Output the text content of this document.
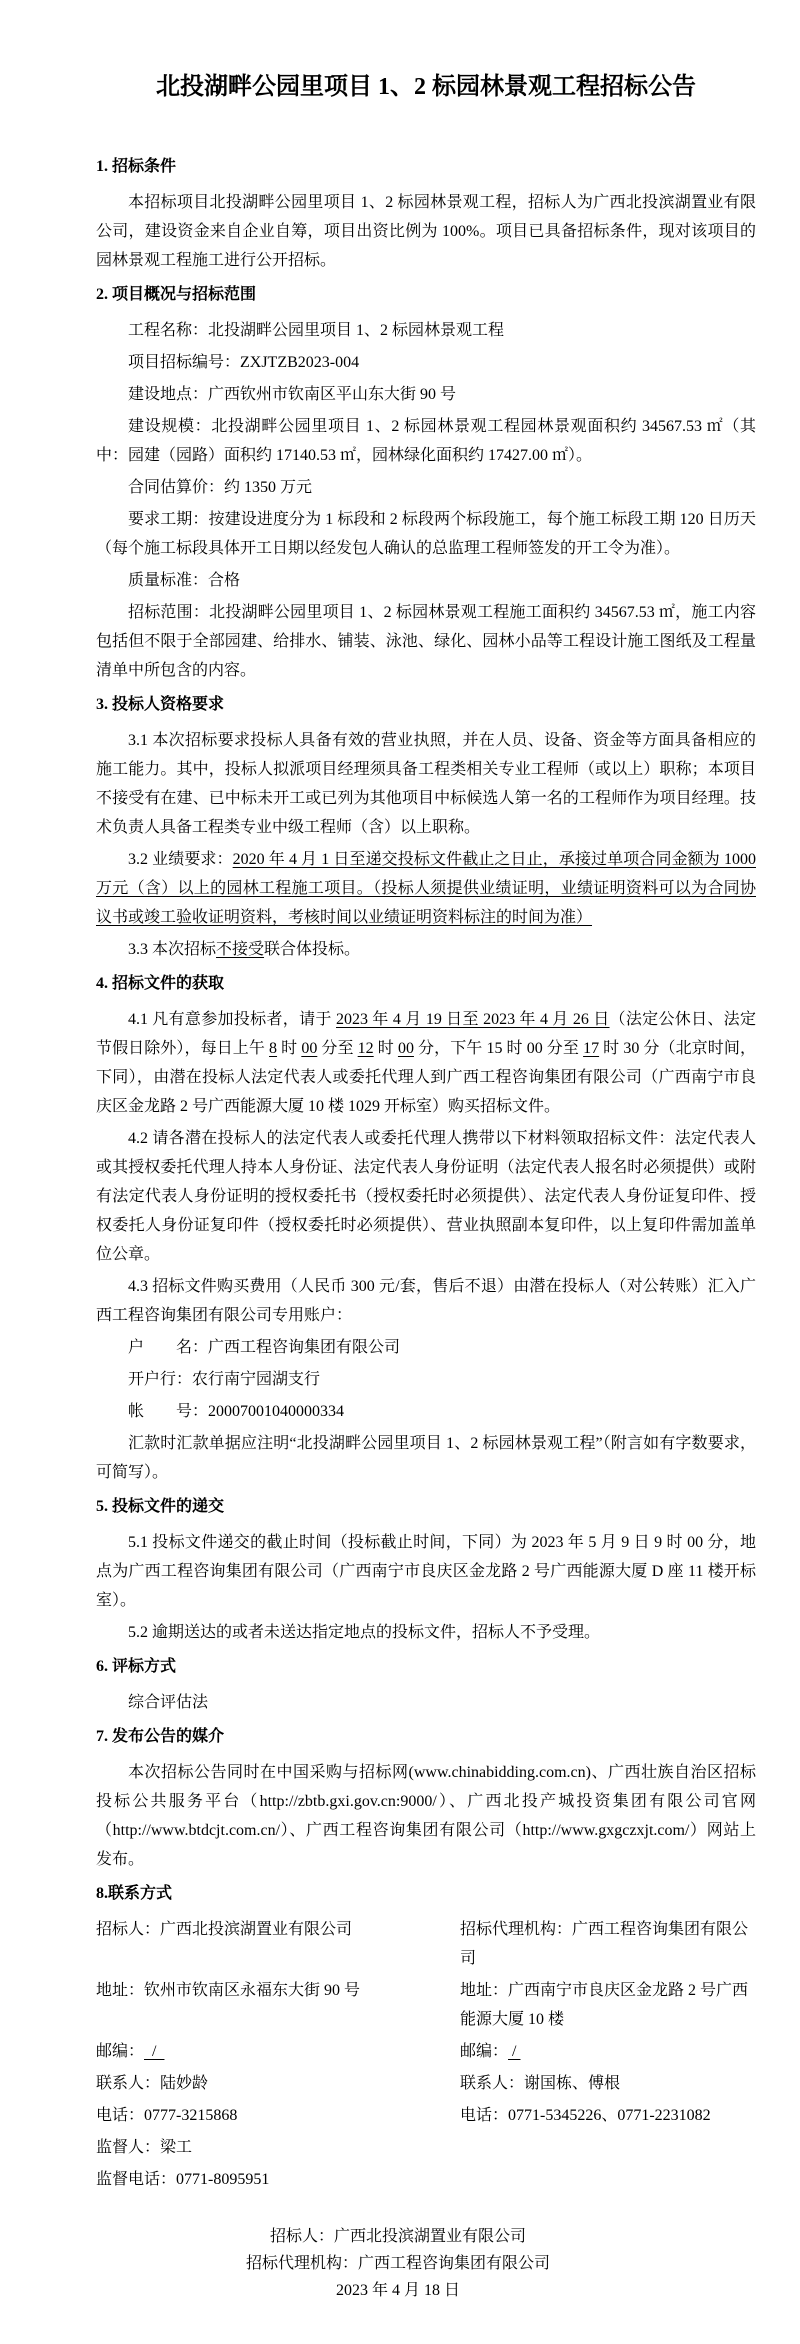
北投湖畔公园里项目 1、2 标园林景观工程招标公告
1. 招标条件

本招标项目北投湖畔公园里项目 1、2 标园林景观工程，招标人为广西北投滨湖置业有限公司，建设资金来自企业自筹，项目出资比例为 100%。项目已具备招标条件，现对该项目的园林景观工程施工进行公开招标。

2. 项目概况与招标范围

工程名称：北投湖畔公园里项目 1、2 标园林景观工程

项目招标编号：ZXJTZB2023-004

建设地点：广西钦州市钦南区平山东大街 90 号

建设规模：北投湖畔公园里项目 1、2 标园林景观工程园林景观面积约 34567.53 ㎡（其中：园建（园路）面积约 17140.53 ㎡，园林绿化面积约 17427.00 ㎡）。

合同估算价：约 1350 万元

要求工期：按建设进度分为 1 标段和 2 标段两个标段施工，每个施工标段工期 120 日历天（每个施工标段具体开工日期以经发包人确认的总监理工程师签发的开工令为准）。

质量标准：合格

招标范围：北投湖畔公园里项目 1、2 标园林景观工程施工面积约 34567.53 ㎡，施工内容包括但不限于全部园建、给排水、铺装、泳池、绿化、园林小品等工程设计施工图纸及工程量清单中所包含的内容。

3. 投标人资格要求

3.1 本次招标要求投标人具备有效的营业执照，并在人员、设备、资金等方面具备相应的施工能力。其中，投标人拟派项目经理须具备工程类相关专业工程师（或以上）职称；本项目不接受有在建、已中标未开工或已列为其他项目中标候选人第一名的工程师作为项目经理。技术负责人具备工程类专业中级工程师（含）以上职称。

3.2 业绩要求：2020 年 4 月 1 日至递交投标文件截止之日止，承接过单项合同金额为 1000 万元（含）以上的园林工程施工项目。（投标人须提供业绩证明，业绩证明资料可以为合同协议书或竣工验收证明资料，考核时间以业绩证明资料标注的时间为准）

3.3 本次招标不接受联合体投标。

4. 招标文件的获取

4.1 凡有意参加投标者，请于 2023 年 4 月 19 日至 2023 年 4 月 26 日（法定公休日、法定节假日除外），每日上午 8 时 00 分至 12 时 00 分，下午 15 时 00 分至 17 时 30 分（北京时间，下同），由潜在投标人法定代表人或委托代理人到广西工程咨询集团有限公司（广西南宁市良庆区金龙路 2 号广西能源大厦 10 楼 1029 开标室）购买招标文件。

4.2 请各潜在投标人的法定代表人或委托代理人携带以下材料领取招标文件：法定代表人或其授权委托代理人持本人身份证、法定代表人身份证明（法定代表人报名时必须提供）或附有法定代表人身份证明的授权委托书（授权委托时必须提供）、法定代表人身份证复印件、授权委托人身份证复印件（授权委托时必须提供）、营业执照副本复印件，以上复印件需加盖单位公章。

4.3 招标文件购买费用（人民币 300 元/套，售后不退）由潜在投标人（对公转账）汇入广西工程咨询集团有限公司专用账户：

户　　名：广西工程咨询集团有限公司

开户行：农行南宁园湖支行

帐　　号：20007001040000334

汇款时汇款单据应注明“北投湖畔公园里项目 1、2 标园林景观工程”（附言如有字数要求，可简写）。

5. 投标文件的递交

5.1 投标文件递交的截止时间（投标截止时间，下同）为 2023 年 5 月 9 日 9 时 00 分，地点为广西工程咨询集团有限公司（广西南宁市良庆区金龙路 2 号广西能源大厦 D 座 11 楼开标室）。

5.2 逾期送达的或者未送达指定地点的投标文件，招标人不予受理。

6. 评标方式

综合评估法

7. 发布公告的媒介

本次招标公告同时在中国采购与招标网(www.chinabidding.com.cn)、广西壮族自治区招标投标公共服务平台（http://zbtb.gxi.gov.cn:9000/）、广西北投产城投资集团有限公司官网（http://www.btdcjt.com.cn/）、广西工程咨询集团有限公司（http://www.gxgczxjt.com/）网站上发布。

8.联系方式

招标人：广西北投滨湖置业有限公司	招标代理机构：广西工程咨询集团有限公司

地址：钦州市钦南区永福东大街 90 号	地址：广西南宁市良庆区金龙路 2 号广西能源大厦 10 楼

邮编：  /	邮编： /

联系人：陆妙龄	联系人：谢国栋、傅根

电话：0777-3215868	电话：0771-5345226、0771-2231082

监督人：梁工

监督电话：0771-8095951

招标人：广西北投滨湖置业有限公司

招标代理机构：广西工程咨询集团有限公司

2023 年 4 月 18 日
